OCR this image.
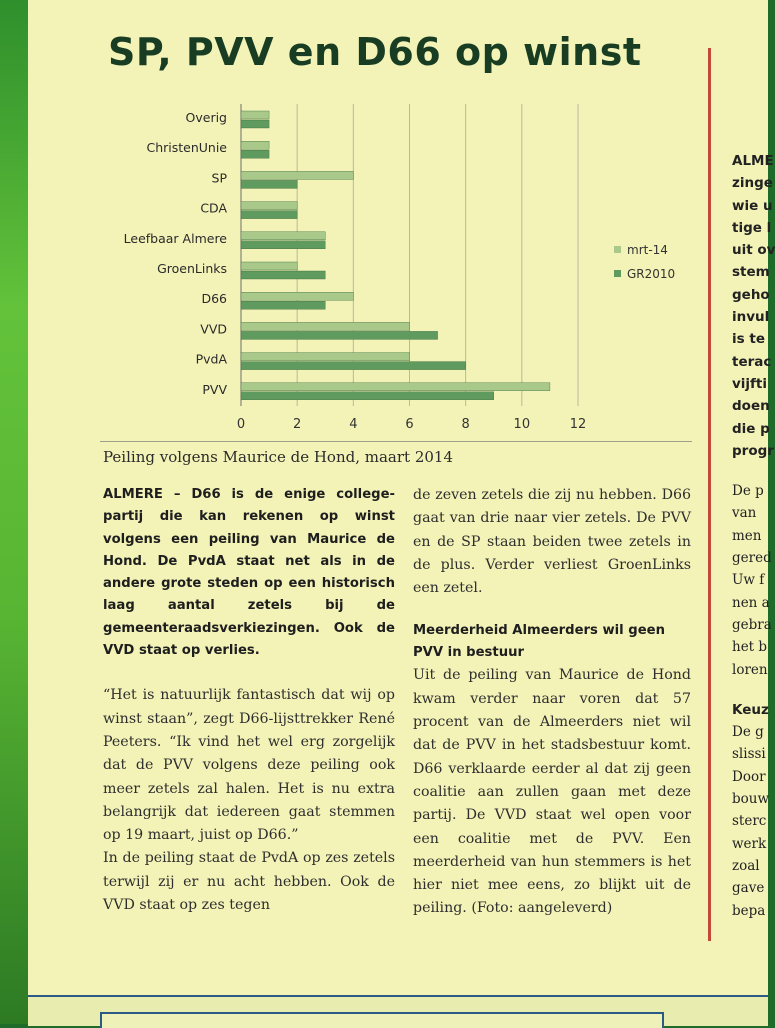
SP, PVV en D66 op winst
0	2	4	6	8	10	12
Overig
ChristenUnie
SP
CDA
Leefbaar Almere
GroenLinks
D66
VVD
PvdA
PVV
mrt-14
GR2010
Peiling volgens Maurice de Hond, maart 2014
ALMERE – D66 is de enige college-partij die kan rekenen op winst volgens een peiling van Maurice de Hond. De PvdA staat net als in de andere grote steden op een historisch laag aantal zetels bij de gemeenteraadsverkiezingen. Ook de VVD staat op verlies.
“Het is natuurlijk fantastisch dat wij op winst staan”, zegt D66-lijsttrekker René Peeters. “Ik vind het wel erg zorgelijk dat de PVV volgens deze peiling ook meer zetels zal halen. Het is nu extra belangrijk dat iedereen gaat stemmen op 19 maart, juist op D66.”
In de peiling staat de PvdA op zes zetels terwijl zij er nu acht hebben. Ook de VVD staat op zes tegen
de zeven zetels die zij nu hebben. D66 gaat van drie naar vier zetels. De PVV en de SP staan beiden twee zetels in de plus. Verder verliest GroenLinks een zetel.
Meerderheid Almeerders wil geen PVV in bestuur
Uit de peiling van Maurice de Hond kwam verder naar voren dat 57 procent van de Almeerders niet wil dat de PVV in het stadsbestuur komt. D66 verklaarde eerder al dat zij geen coalitie aan zullen gaan met deze partij. De VVD staat wel open voor een coalitie met de PVV. Een meerderheid van hun stemmers is het hier niet mee eens, zo blijkt uit de peiling. (Foto: aangeleverd)
ALME
zinge
wie u
tige l
uit ov
stem
geho
invul
is te
terac
vijfti
doen
die p
progr
De p
van
men
gered
Uw f
nen a
gebra
het b
loren
Keuz
De g
slissi
Door
bouw
sterc
werk
zoal
gave
bepa
